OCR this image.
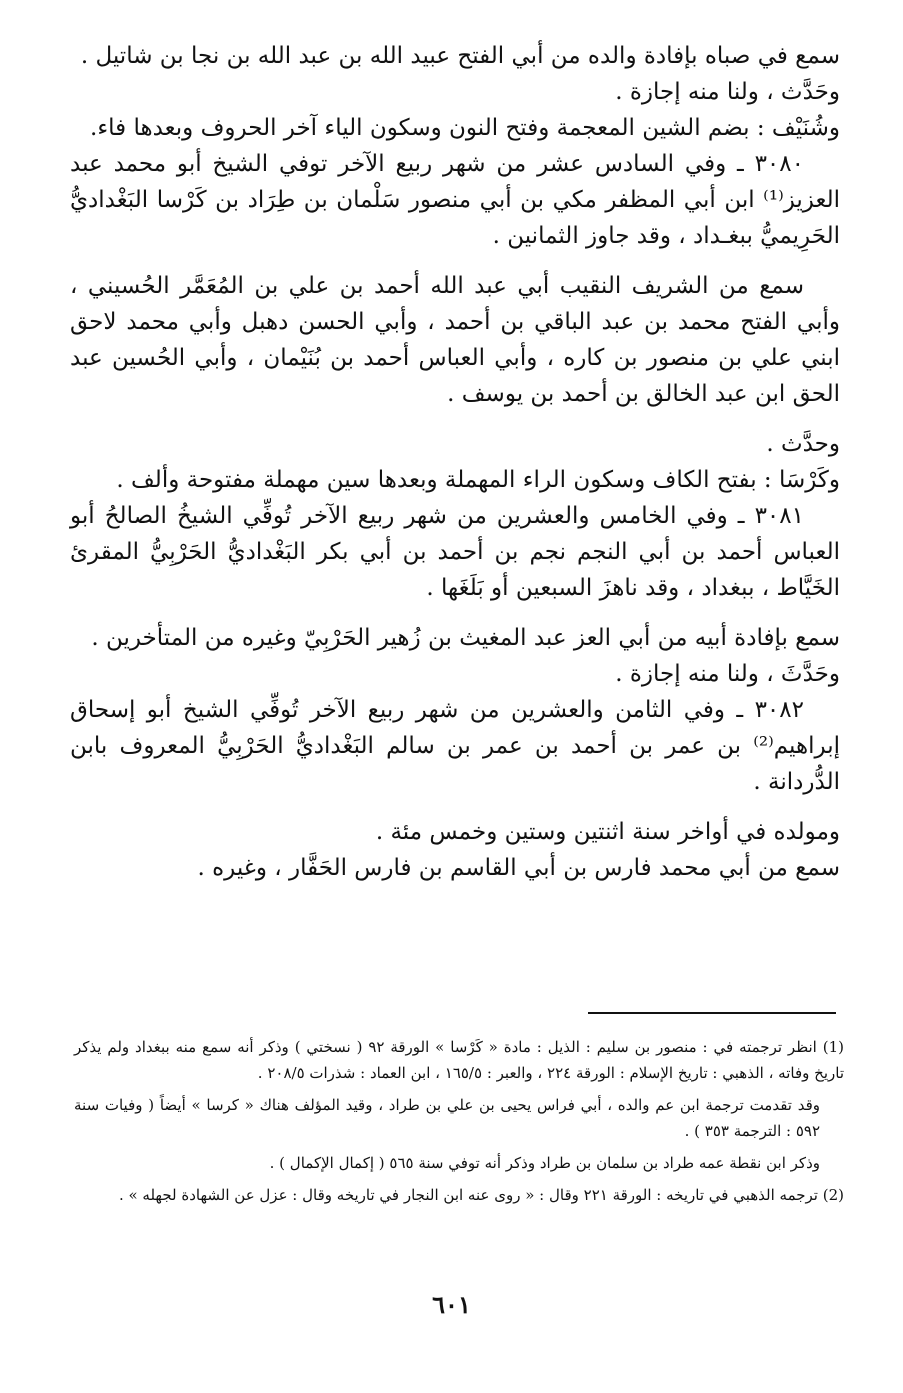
سمع في صباه بإفادة والده من أبي الفتح عبيد الله بن عبد الله بن نجا بن شاتيل .

وحَدَّث ، ولنا منه إجازة .

وشُنَيْف : بضم الشين المعجمة وفتح النون وسكون الياء آخر الحروف وبعدها فاء.

٣٠٨٠ ـ وفي السادس عشر من شهر ربيع الآخر توفي الشيخ أبو محمد عبد العزيز⁽¹⁾ ابن أبي المظفر مكي بن أبي منصور سَلْمان بن طِرَاد بن كَرْسا البَغْداديُّ الحَرِيميُّ ببغـداد ، وقد جاوز الثمانين .

سمع من الشريف النقيب أبي عبد الله أحمد بن علي بن المُعَمَّر الحُسيني ، وأبي الفتح محمد بن عبد الباقي بن أحمد ، وأبي الحسن دهبل وأبي محمد لاحق ابني علي بن منصور بن كاره ، وأبي العباس أحمد بن بُنَيْمان ، وأبي الحُسين عبد الحق ابن عبد الخالق بن أحمد بن يوسف .

وحدَّث .

وكَرْسَا : بفتح الكاف وسكون الراء المهملة وبعدها سين مهملة مفتوحة وألف .

٣٠٨١ ـ وفي الخامس والعشرين من شهر ربيع الآخر تُوفِّي الشيخُ الصالحُ أبو العباس أحمد بن أبي النجم نجم بن أحمد بن أبي بكر البَغْداديُّ الحَرْبِيُّ المقرئ الخَيَّاط ، ببغداد ، وقد ناهزَ السبعين أو بَلَغَها .

سمع بإفادة أبيه من أبي العز عبد المغيث بن زُهير الحَرْبِيّ وغيره من المتأخرين .

وحَدَّثَ ، ولنا منه إجازة .

٣٠٨٢ ـ وفي الثامن والعشرين من شهر ربيع الآخر تُوفِّي الشيخ أبو إسحاق إبراهيم⁽²⁾ بن عمر بن أحمد بن عمر بن سالم البَغْداديُّ الحَرْبِيُّ المعروف بابن الدُّردانة .

ومولده في أواخر سنة اثنتين وستين وخمس مئة .

سمع من أبي محمد فارس بن أبي القاسم بن فارس الحَفَّار ، وغيره .

(1) انظر ترجمته في : منصور بن سليم : الذيل : مادة « كَرْسا » الورقة ٩٢ ( نسختي ) وذكر أنه سمع منه ببغداد ولم يذكر تاريخ وفاته ، الذهبي : تاريخ الإسلام : الورقة ٢٢٤ ، والعبر : ١٦٥/٥ ، ابن العماد : شذرات ٢٠٨/٥ .

وقد تقدمت ترجمة ابن عم والده ، أبي فراس يحيى بن علي بن طراد ، وقيد المؤلف هناك « كرسا » أيضاً ( وفيات سنة ٥٩٢ : الترجمة ٣٥٣ ) .

وذكر ابن نقطة عمه طراد بن سلمان بن طراد وذكر أنه توفي سنة ٥٦٥ ( إكمال الإكمال ) .

(2) ترجمه الذهبي في تاريخه : الورقة ٢٢١ وقال : « روى عنه ابن النجار في تاريخه وقال : عزل عن الشهادة لجهله » .

٦٠١
